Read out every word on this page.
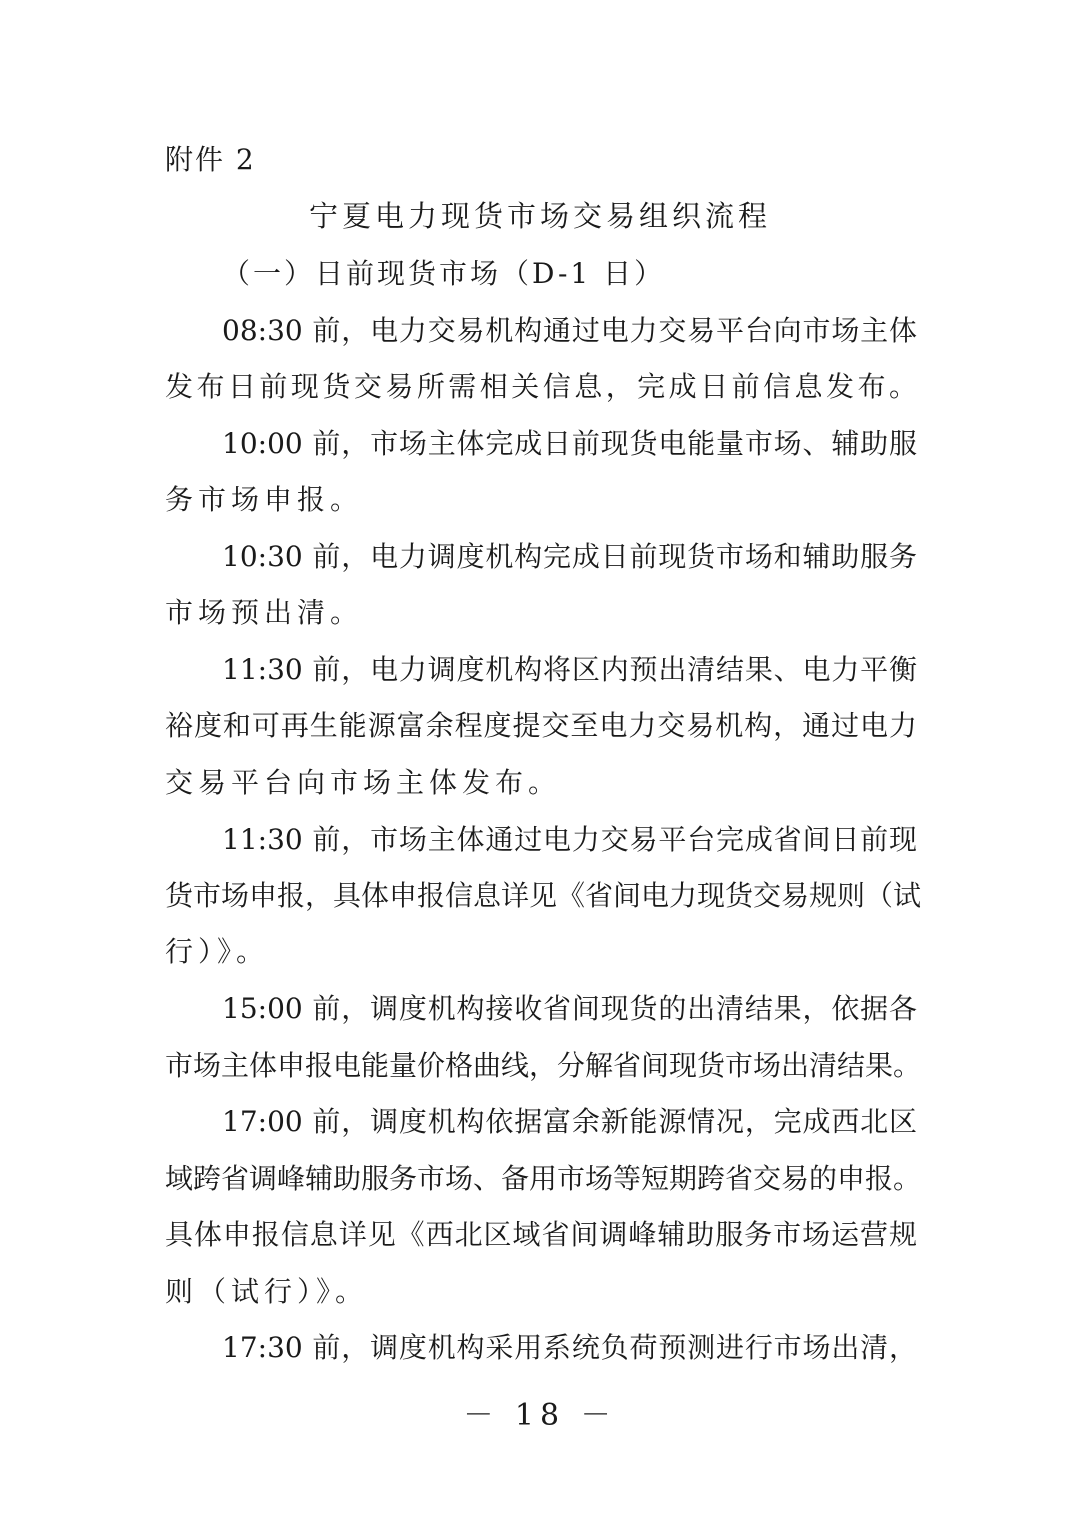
附件 2
宁夏电力现货市场交易组织流程
（一）日前现货市场（D-1 日）
08:30 前，电力交易机构通过电力交易平台向市场主体
发布日前现货交易所需相关信息，完成日前信息发布。
10:00 前，市场主体完成日前现货电能量市场、辅助服
务市场申报。
10:30 前，电力调度机构完成日前现货市场和辅助服务
市场预出清。
11:30 前，电力调度机构将区内预出清结果、电力平衡
裕度和可再生能源富余程度提交至电力交易机构，通过电力
交易平台向市场主体发布。
11:30 前，市场主体通过电力交易平台完成省间日前现
货市场申报，具体申报信息详见《省间电力现货交易规则（试
行）》。
15:00 前，调度机构接收省间现货的出清结果，依据各
市场主体申报电能量价格曲线，分解省间现货市场出清结果。
17:00 前，调度机构依据富余新能源情况，完成西北区
域跨省调峰辅助服务市场、备用市场等短期跨省交易的申报。
具体申报信息详见《西北区域省间调峰辅助服务市场运营规
则（试行）》。
17:30 前，调度机构采用系统负荷预测进行市场出清，
－ 18 －
